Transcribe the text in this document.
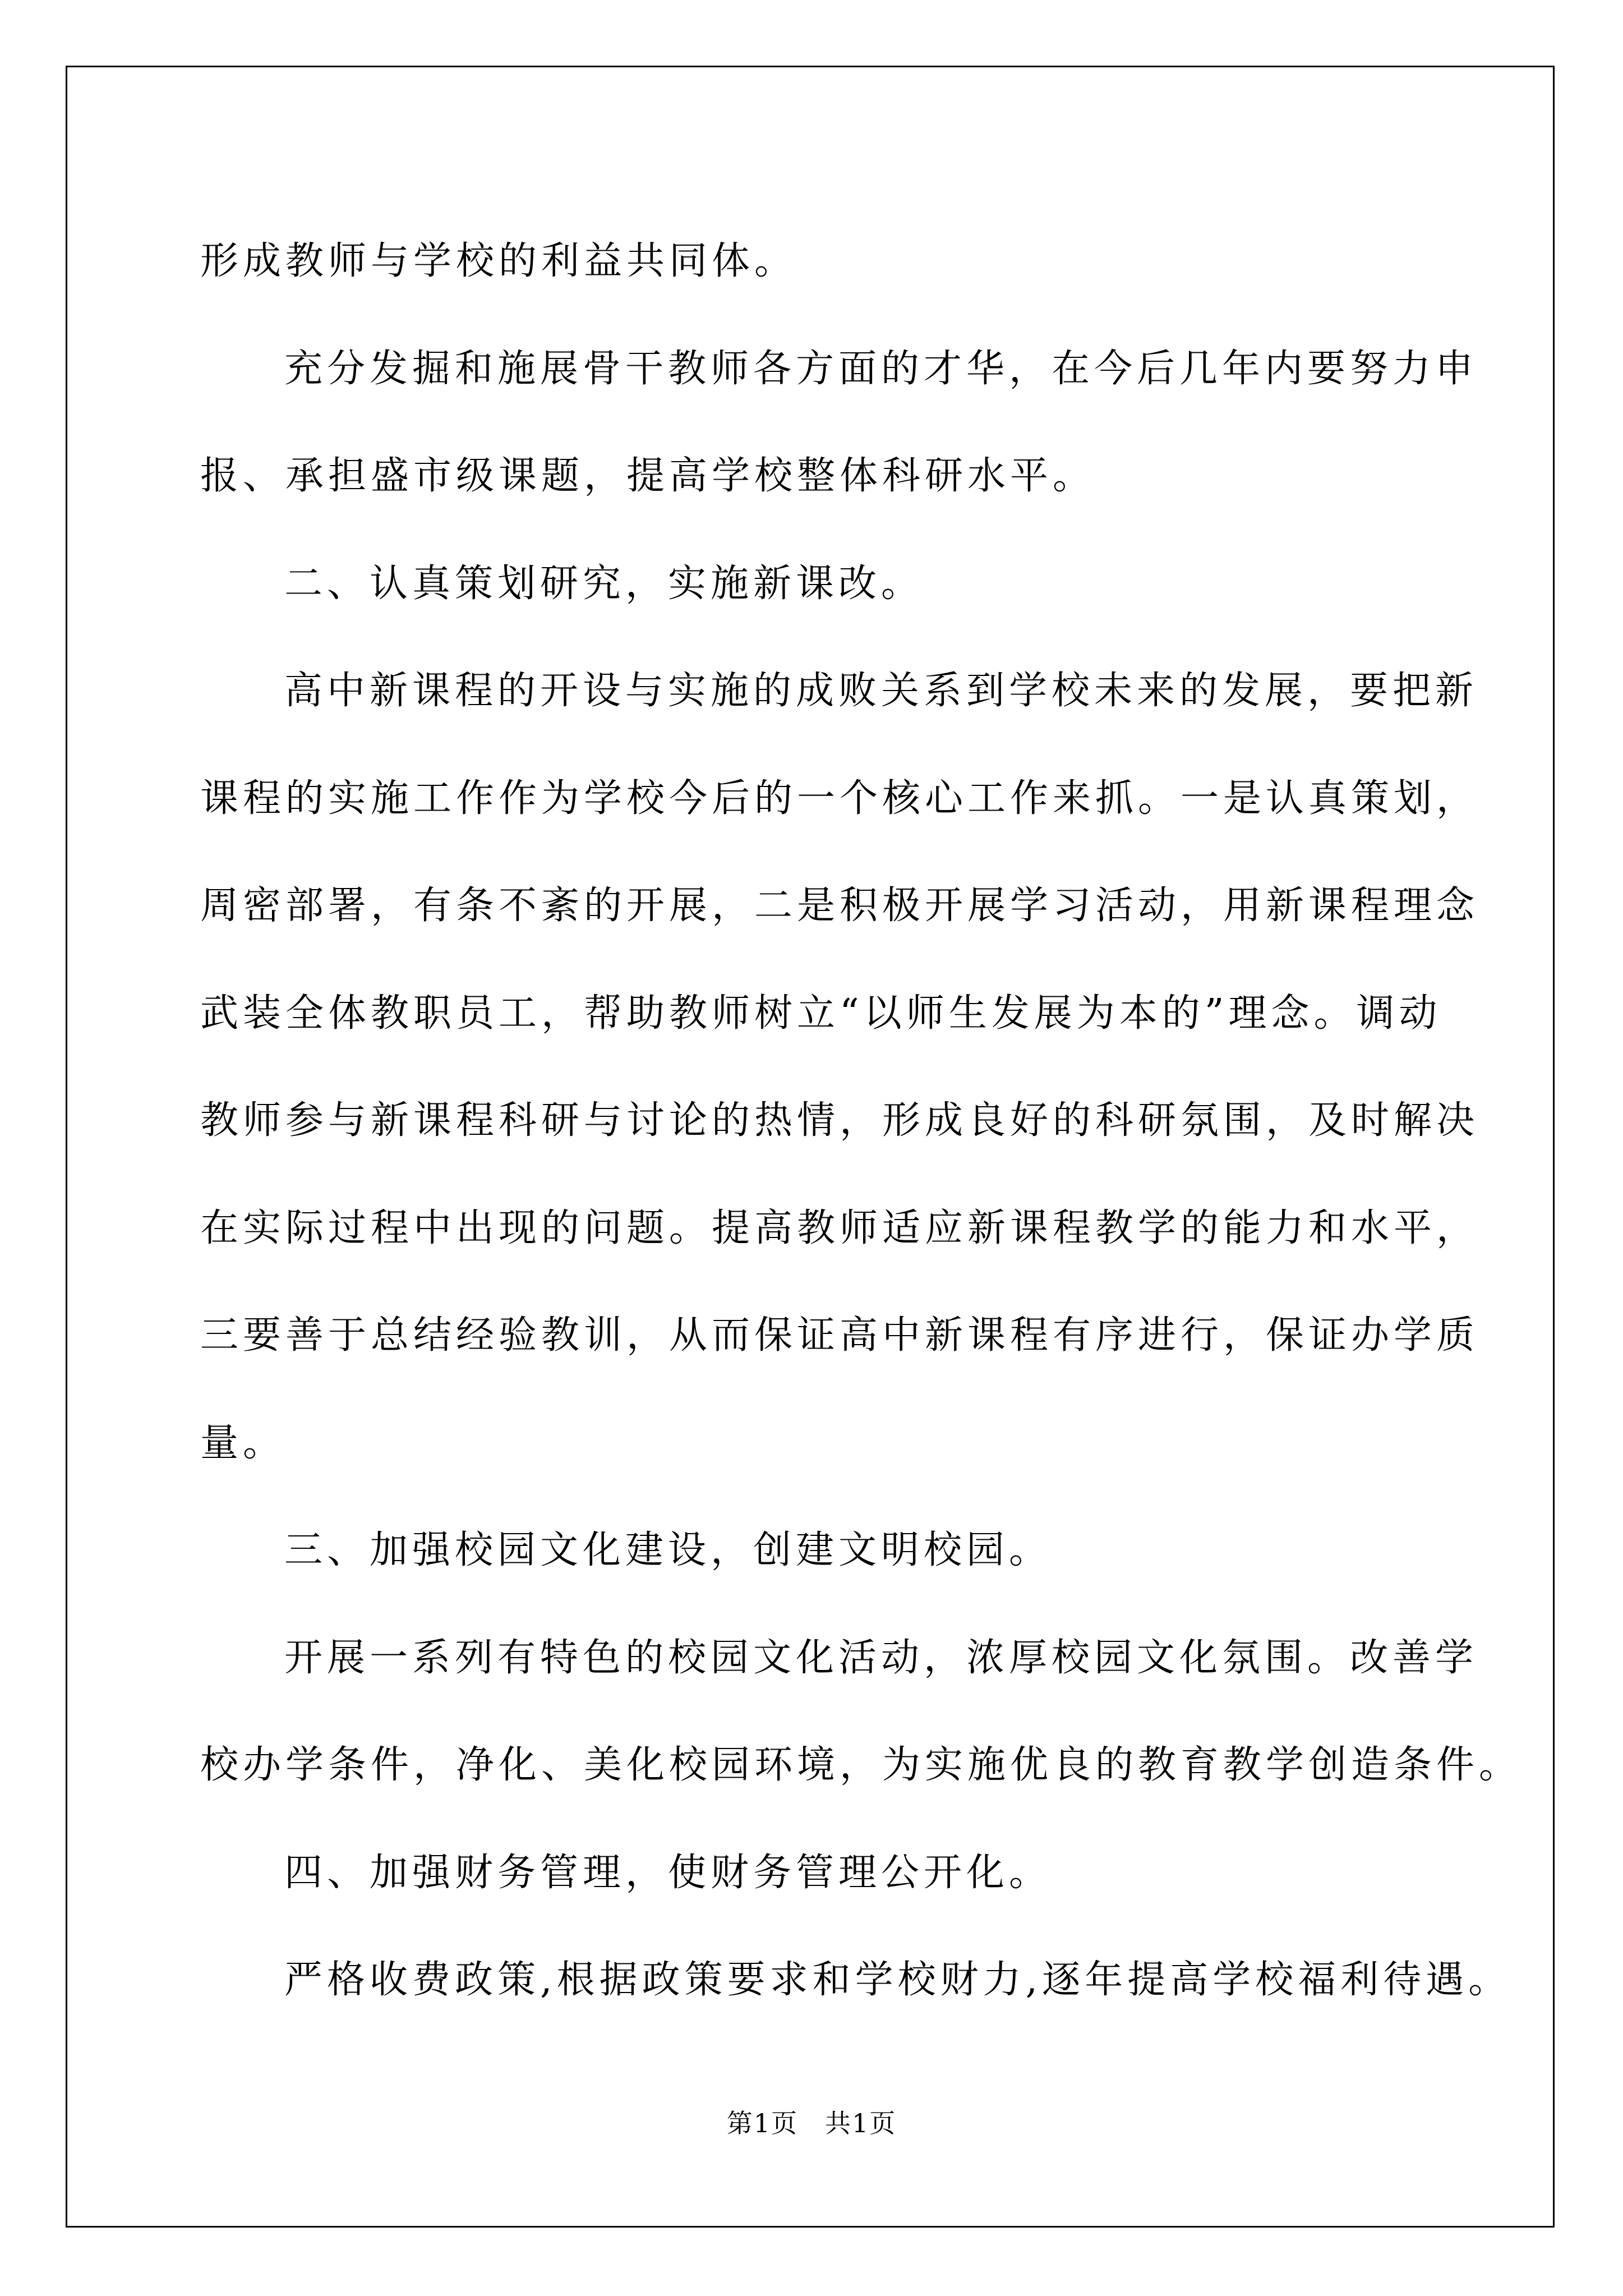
形成教师与学校的利益共同体。
充分发掘和施展骨干教师各方面的才华，在今后几年内要努力申
报、承担盛市级课题，提高学校整体科研水平。
二、认真策划研究，实施新课改。
高中新课程的开设与实施的成败关系到学校未来的发展，要把新
课程的实施工作作为学校今后的一个核心工作来抓。一是认真策划，
周密部署，有条不紊的开展，二是积极开展学习活动，用新课程理念
武装全体教职员工，帮助教师树立“以师生发展为本的”理念。调动
教师参与新课程科研与讨论的热情，形成良好的科研氛围，及时解决
在实际过程中出现的问题。提高教师适应新课程教学的能力和水平，
三要善于总结经验教训，从而保证高中新课程有序进行，保证办学质
量。
三、加强校园文化建设，创建文明校园。
开展一系列有特色的校园文化活动，浓厚校园文化氛围。改善学
校办学条件，净化、美化校园环境，为实施优良的教育教学创造条件。
四、加强财务管理，使财务管理公开化。
严格收费政策,根据政策要求和学校财力,逐年提高学校福利待遇。
第1页　共1页
